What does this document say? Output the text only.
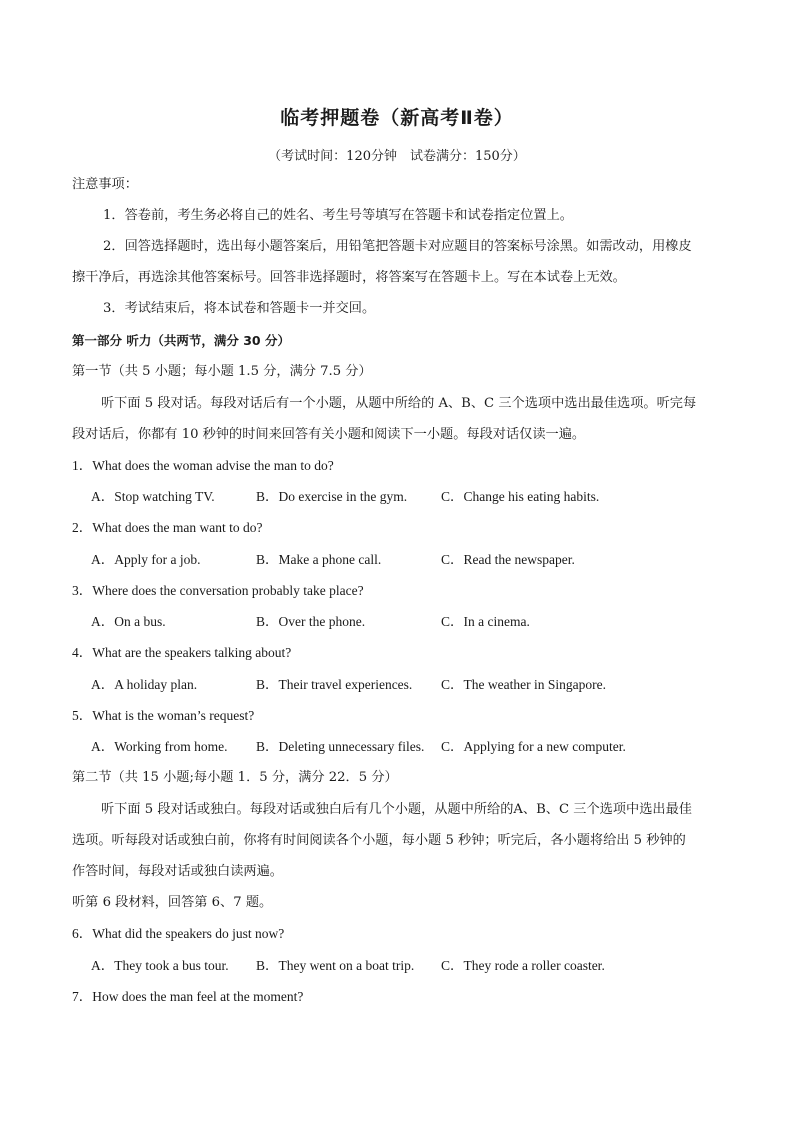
临考押题卷（新高考Ⅱ卷）
（考试时间：120分钟　试卷满分：150分）
注意事项：
1．答卷前，考生务必将自己的姓名、考生号等填写在答题卡和试卷指定位置上。
2．回答选择题时，选出每小题答案后，用铅笔把答题卡对应题目的答案标号涂黑。如需改动，用橡皮
擦干净后，再选涂其他答案标号。回答非选择题时，将答案写在答题卡上。写在本试卷上无效。
3．考试结束后，将本试卷和答题卡一并交回。
第一部分 听力（共两节，满分 30 分）
第一节（共 5 小题；每小题 1.5 分，满分 7.5 分）
听下面 5 段对话。每段对话后有一个小题，从题中所给的 A、B、C 三个选项中选出最佳选项。听完每
段对话后，你都有 10 秒钟的时间来回答有关小题和阅读下一小题。每段对话仅读一遍。
1．What does the woman advise the man to do?
A．Stop watching TV.	B．Do exercise in the gym.	C．Change his eating habits.
2．What does the man want to do?
A．Apply for a job.	B．Make a phone call.	C．Read the newspaper.
3．Where does the conversation probably take place?
A．On a bus.	B．Over the phone.	C．In a cinema.
4．What are the speakers talking about?
A．A holiday plan.	B．Their travel experiences. C．The weather in Singapore.
5．What is the woman’s request?
A．Working from home. B．Deleting unnecessary files. C．Applying for a new computer.
第二节（共 15 小题;每小题 1．5 分，满分 22．5 分）
听下面 5 段对话或独白。每段对话或独白后有几个小题，从题中所给的A、B、C 三个选项中选出最佳
选项。听每段对话或独白前，你将有时间阅读各个小题，每小题 5 秒钟；听完后，各小题将给出 5 秒钟的
作答时间，每段对话或独白读两遍。
听第 6 段材料，回答第 6、7 题。
6．What did the speakers do just now?
A．They took a bus tour. B．They went on a boat trip. C．They rode a roller coaster.
7．How does the man feel at the moment?
